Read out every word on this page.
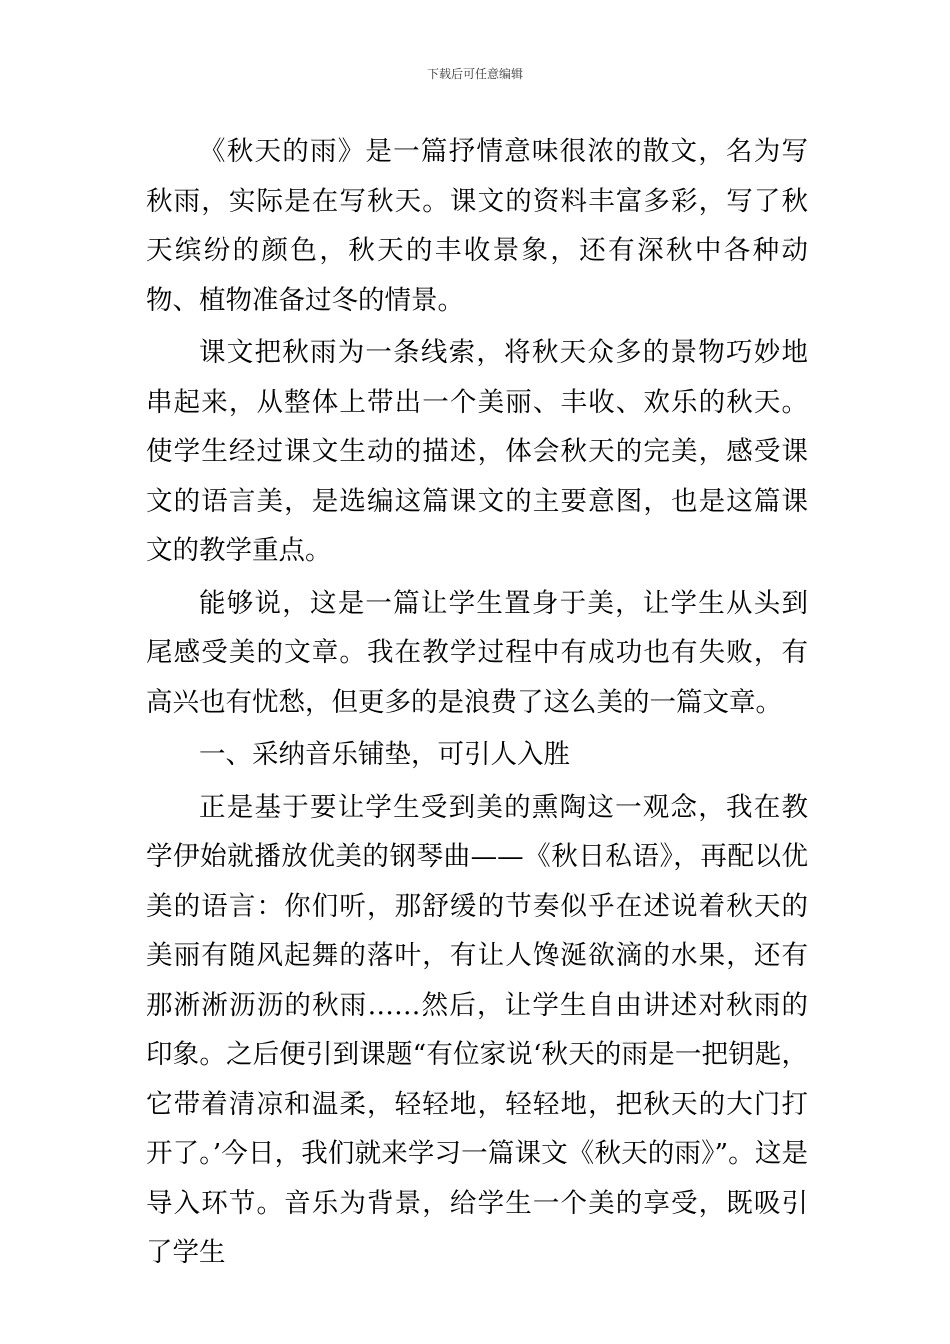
下载后可任意编辑

《秋天的雨》是一篇抒情意味很浓的散文，名为写秋雨，实际是在写秋天。课文的资料丰富多彩，写了秋天缤纷的颜色，秋天的丰收景象，还有深秋中各种动物、植物准备过冬的情景。

课文把秋雨为一条线索，将秋天众多的景物巧妙地串起来，从整体上带出一个美丽、丰收、欢乐的秋天。使学生经过课文生动的描述，体会秋天的完美，感受课文的语言美，是选编这篇课文的主要意图，也是这篇课文的教学重点。

能够说，这是一篇让学生置身于美，让学生从头到尾感受美的文章。我在教学过程中有成功也有失败，有高兴也有忧愁，但更多的是浪费了这么美的一篇文章。

一、采纳音乐铺垫，可引人入胜

正是基于要让学生受到美的熏陶这一观念，我在教学伊始就播放优美的钢琴曲——《秋日私语》，再配以优美的语言：你们听，那舒缓的节奏似乎在述说着秋天的美丽有随风起舞的落叶，有让人馋涎欲滴的水果，还有那淅淅沥沥的秋雨……然后，让学生自由讲述对秋雨的印象。之后便引到课题“有位家说‘秋天的雨是一把钥匙，它带着清凉和温柔，轻轻地，轻轻地，把秋天的大门打开了。’今日，我们就来学习一篇课文《秋天的雨》”。这是导入环节。音乐为背景，给学生一个美的享受，既吸引了学生
